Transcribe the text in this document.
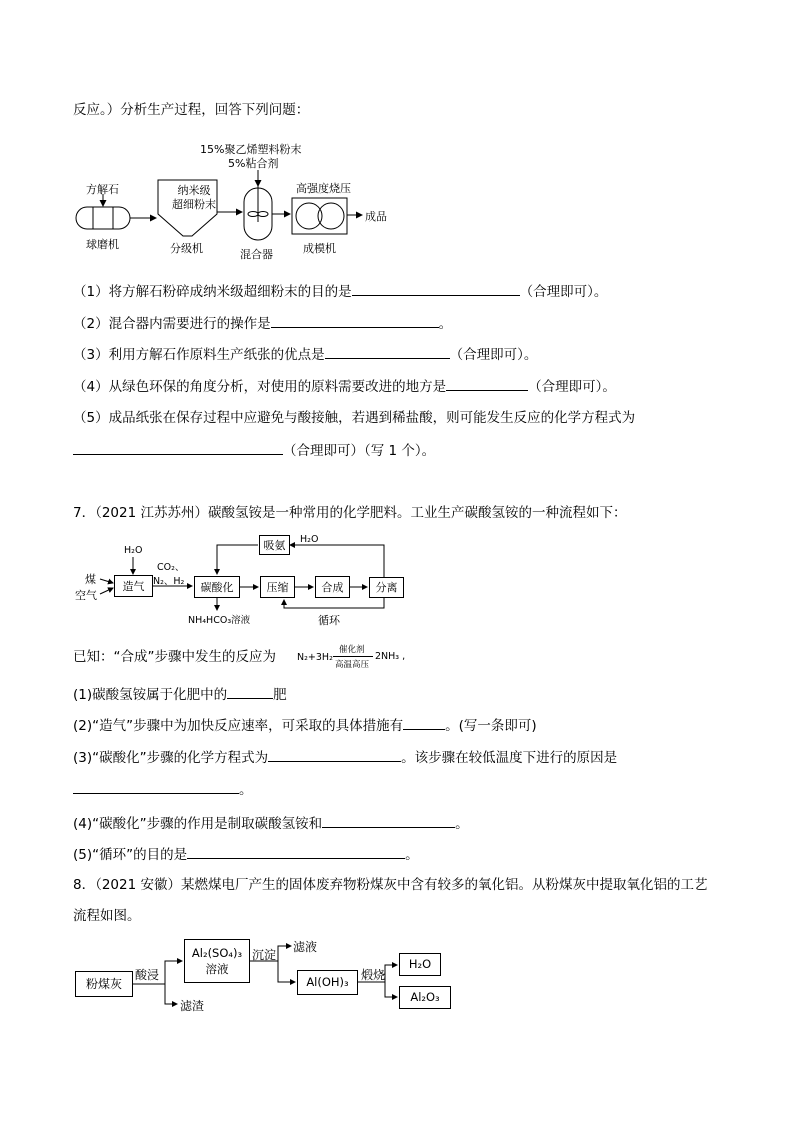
反应。）分析生产过程，回答下列问题：
15%聚乙烯塑料粉末
5%粘合剂
方解石	纳米级
超细粉末
高强度烧压
成品
球磨机	分级机	混合器	成模机
（1）将方解石粉碎成纳米级超细粉末的目的是	（合理即可）。
（2）混合器内需要进行的操作是	。
（3）利用方解石作原料生产纸张的优点是	（合理即可）。
（4）从绿色环保的角度分析，对使用的原料需要改进的地方是	（合理即可）。
（5）成品纸张在保存过程中应避免与酸接触，若遇到稀盐酸，则可能发生反应的化学方程式为
（合理即可）（写 1 个）。
7．（2021 江苏苏州）碳酸氢铵是一种常用的化学肥料。工业生产碳酸氢铵的一种流程如下：
H₂O
煤
空气
造气
CO₂、
N₂、H₂	碳酸化
NH₄HCO₃溶液
吸氨	H₂O
压缩	合成	分离
循环
已知：“合成”步骤中发生的反应为 N₂+3H₂
催化剂
高温高压
2NH₃ ,
(1)碳酸氢铵属于化肥中的	肥
(2)“造气”步骤中为加快反应速率，可采取的具体措施有	。(写一条即可)
(3)“碳酸化”步骤的化学方程式为	。该步骤在较低温度下进行的原因是
。
(4)“碳酸化”步骤的作用是制取碳酸氢铵和	。
(5)“循环”的目的是	。
8．（2021 安徽）某燃煤电厂产生的固体废弃物粉煤灰中含有较多的氧化铝。从粉煤灰中提取氧化铝的工艺
流程如图。
粉煤灰
酸浸
滤渣
Al₂(SO₄)₃
溶液
沉淀
滤液
Al(OH)₃	煅烧
H₂O
Al₂O₃
